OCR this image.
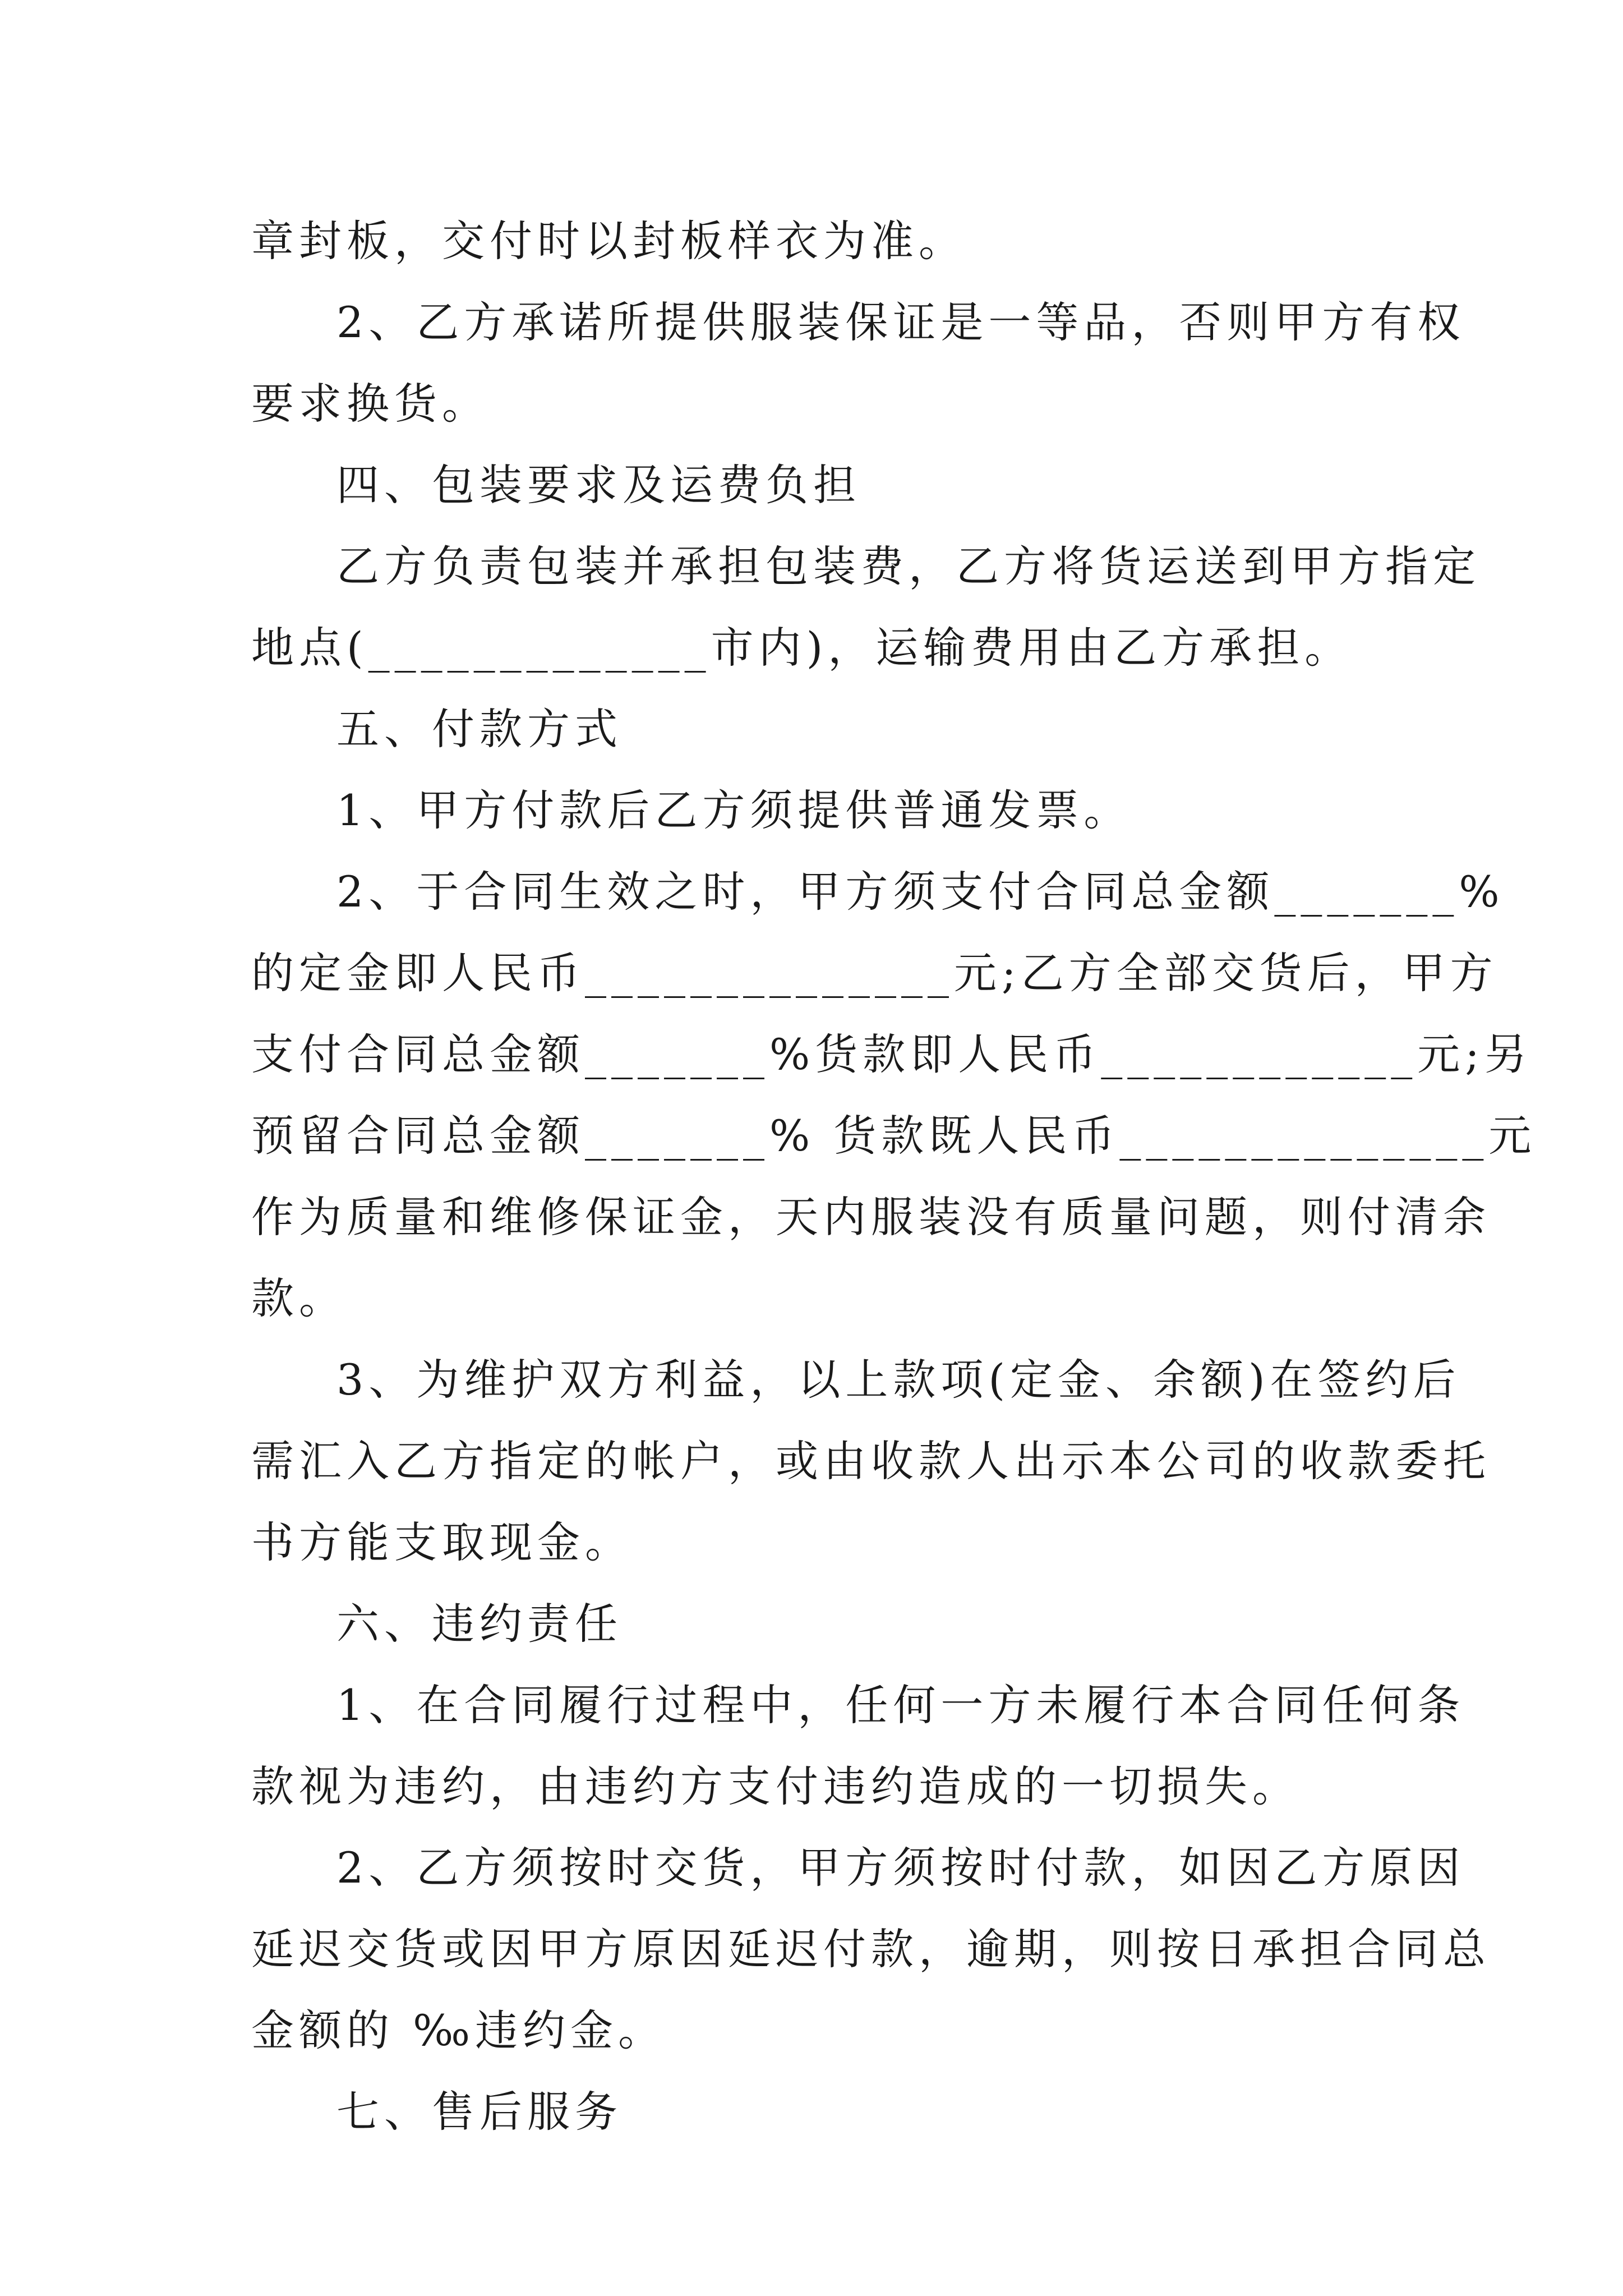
章封板，交付时以封板样衣为准。
2、乙方承诺所提供服装保证是一等品，否则甲方有权
要求换货。
四、包装要求及运费负担
乙方负责包装并承担包装费，乙方将货运送到甲方指定
地点(_____________市内)，运输费用由乙方承担。
五、付款方式
1、甲方付款后乙方须提供普通发票。
2、于合同生效之时，甲方须支付合同总金额_______%
的定金即人民币______________元;乙方全部交货后，甲方
支付合同总金额_______%货款即人民币____________元;另
预留合同总金额_______% 货款既人民币______________元
作为质量和维修保证金，天内服装没有质量问题，则付清余
款。
3、为维护双方利益，以上款项(定金、余额)在签约后
需汇入乙方指定的帐户，或由收款人出示本公司的收款委托
书方能支取现金。
六、违约责任
1、在合同履行过程中，任何一方未履行本合同任何条
款视为违约，由违约方支付违约造成的一切损失。
2、乙方须按时交货，甲方须按时付款，如因乙方原因
延迟交货或因甲方原因延迟付款，逾期，则按日承担合同总
金额的 ‰违约金。
七、售后服务
